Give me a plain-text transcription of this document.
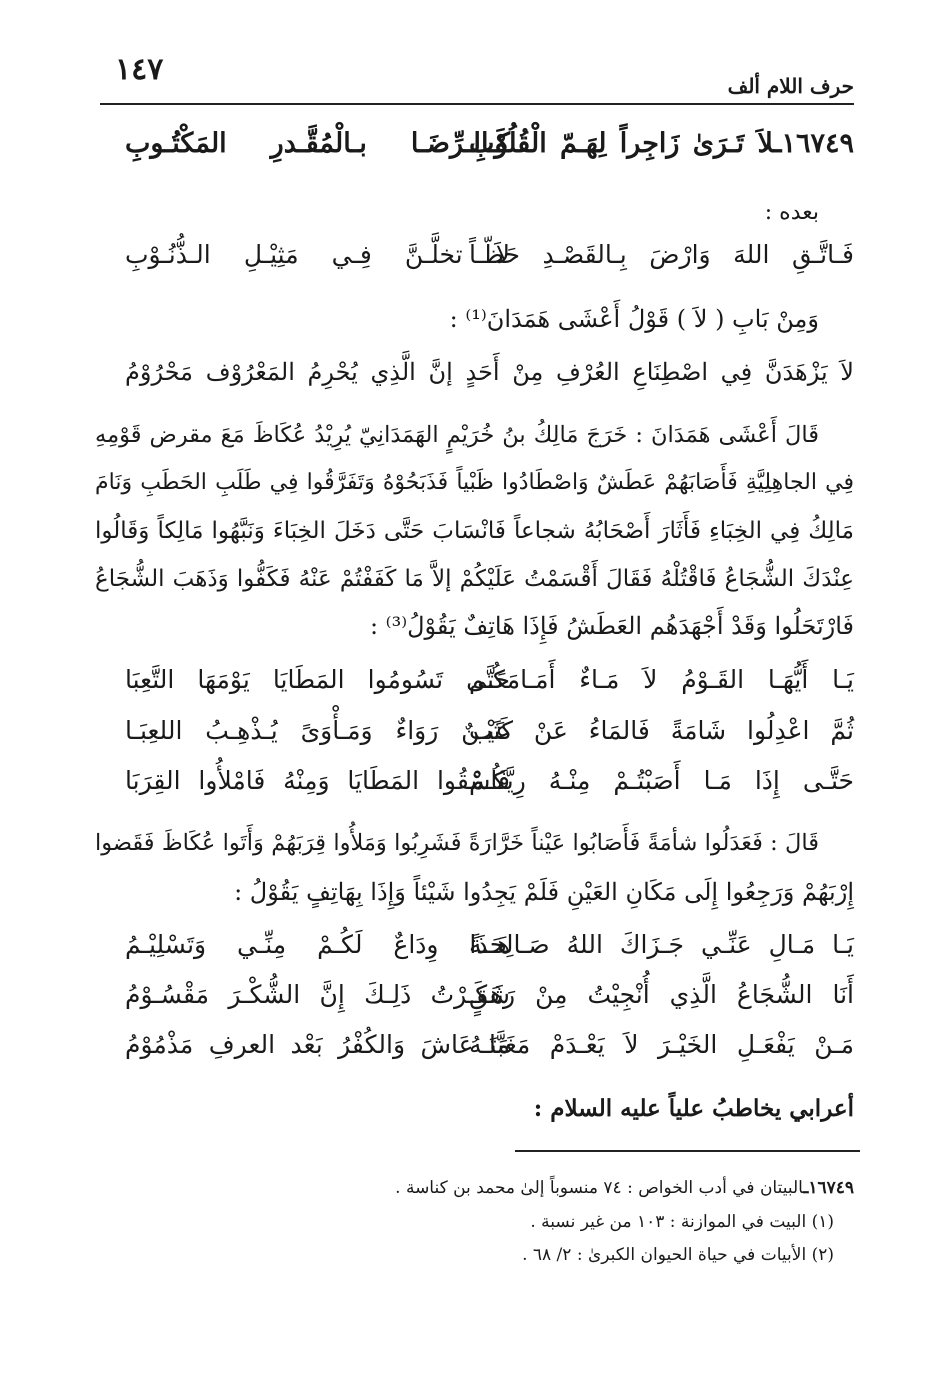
حرف اللام ألف
١٤٧
١٦٧٤٩ـلاَ تَـرَىٰ زَاجِراً لِهَـمّ الْقُلُوْبِ
كَـالـرِّضَـا بـالْمُقَّـدرِ المَكْتُـوبِ
بعده :
فَـاتَّـقِ اللهَ وَارْضَ بِـالقَصْـدِ حَظّـاً
لاَ تخلَّـنَّ فِـي مَثِيْـلِ الـذُّنُـوْبِ
وَمِنْ بَابِ ( لاَ ) قَوْلُ أَعْشَى هَمَدَانَ⁽¹⁾ :
لاَ يَزْهَدَنَّ فِي اصْطِنَاعِ العُرْفِ مِنْ أَحَدٍ إنَّ الَّذِي يُحْرِمُ المَعْرُوْف مَحْرُوْمُ
قَالَ أَعْشَى هَمَدَانَ : خَرَجَ مَالِكُ بنُ خُرَيْمٍ الهَمَدَانِيّ يُرِيْدُ عُكَاظَ مَعَ مقرض قَوْمِهِ
فِي الجاهِلِيَّةِ فَأَصَابَهُمْ عَطَشٌ وَاصْطَادُوا ظَبْياً فَذَبَحُوْهُ وَتَفَرَّقُوا فِي طَلَبِ الحَطَبِ وَنَامَ
مَالِكُ فِي الخِبَاءِ فَأَثَارَ أَصْحَابُهُ شجاعاً فَانْسَابَ حَتَّى دَخَلَ الخِبَاءَ وَنَبَّهُوا مَالِكاً وَقَالُوا
عِنْدَكَ الشُّجَاعُ فَاقْتُلْهُ فَقَالَ أَقْسَمْتُ عَلَيْكُمْ إلاَّ مَا كَفَفْتُمْ عَنْهُ فَكَفُّوا وَذَهَبَ الشُّجَاعُ
فَارْتَحَلُوا وَقَدْ أَجْهَدَهُم العَطَشُ فَإِذَا هَاتِفٌ يَقُوْلُ⁽³⁾ :
يَـا أَيُّهَـا القَـوْمُ لاَ مَـاءٌ أَمَـامَكُـم
حَتَّى تَسُومُوا المَطَايَا يَوْمَهَا التَّعِبَا
ثُمَّ اعْدِلُوا شَامَةً فَالمَاءُ عَنْ كَثَب
عَيْـنٌ رَوَاءٌ وَمَـأْوَىً يُـذْهِـبُ اللعِبَـا
حَتَّـى إِذَا مَـا أَصَبْتُـمْ مِنْـهُ رِيَّكُـمْ
فَاسْقُوا المَطَايَا وَمِنْهُ فَامْلأُوا القِرَبَا
قَالَ : فَعَدَلُوا شأمَةً فَأَصَابُوا عَيْناً خَرَّارَةً فَشَرِبُوا وَمَلأُوا قِرَبَهُمْ وَأَتَوا عُكَاظَ فَقَضوا
إِرْبَهُمْ وَرَجِعُوا إِلَى مَكَانِ العَيْنِ فَلَمْ يَجِدُوا شَيْئاً وَإِذَا بِهَاتِفٍ يَقُوْلُ :
يَـا مَـالِ عَنِّـي جَـزَاكَ اللهُ صَـالِحَـةً
هَـذَا وِدَاعٌ لَكُـمْ مِنِّـي وَتَسْلِيْـمُ
أَنَا الشُّجَاعُ الَّذِي أُنْجِيْتُ مِنْ رَهَقٍ
شَكَـرْتُ ذَلِـكَ إِنَّ الشُّكْـرَ مَقْسُـوْمُ
مَـنْ يَفْعَـلِ الخَيْـرَ لاَ يَعْـدَمْ مَغَبَّتَـهُ
مَا عَاشَ وَالكُفْرُ بَعْد العرفِ مَذْمُوْمُ
أعرابي يخاطبُ علياً عليه السلام :
١٦٧٤٩ـالبيتان في أدب الخواص : ٧٤ منسوباً إلىٰ محمد بن كناسة .
(١) البيت في الموازنة : ١٠٣ من غير نسبة .
(٢) الأبيات في حياة الحيوان الكبرىٰ : ٢/ ٦٨ .
